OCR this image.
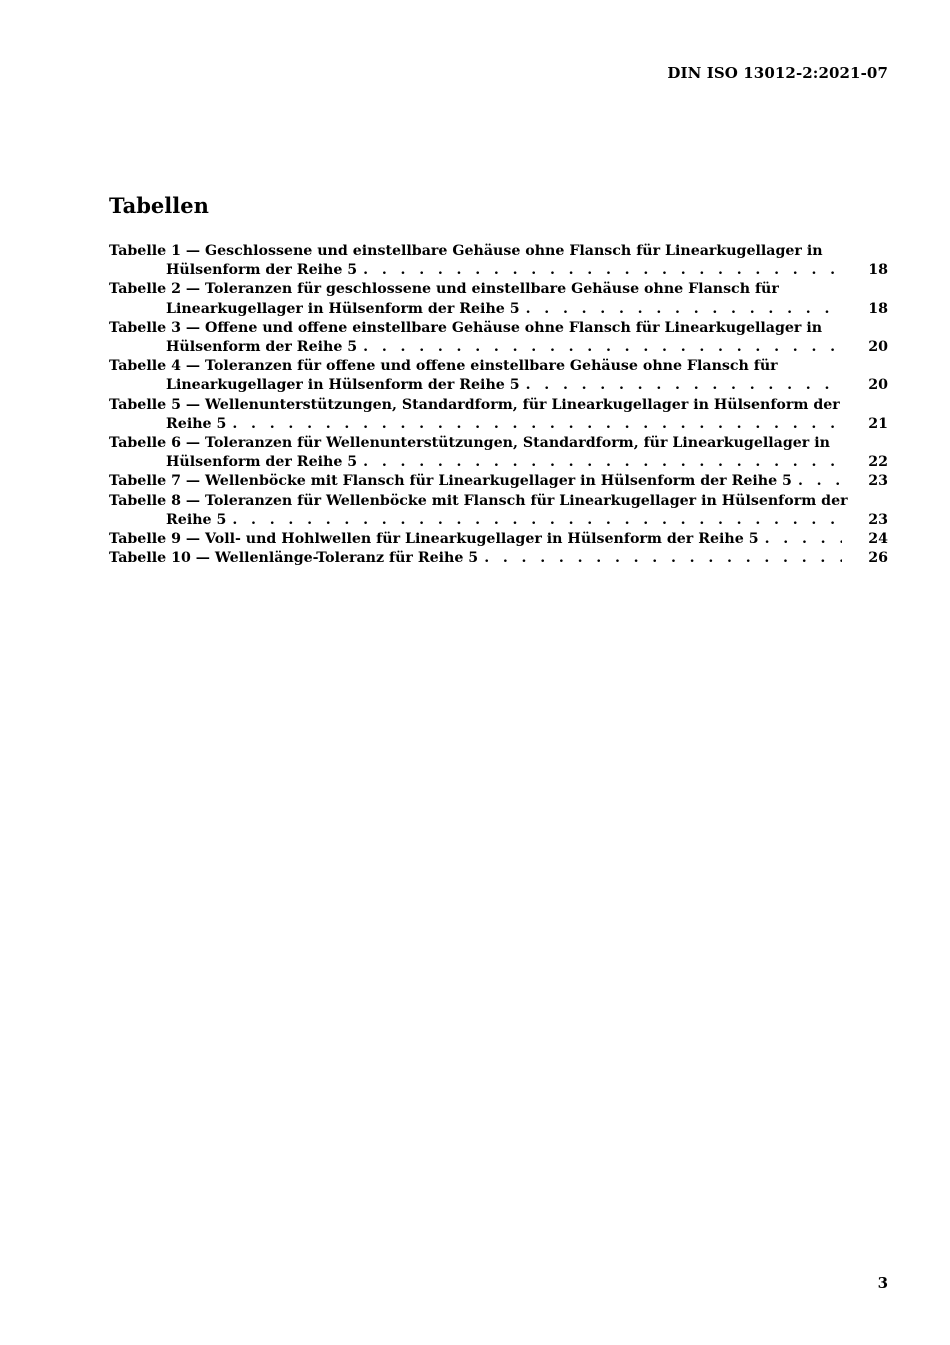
DIN ISO 13012-2:2021-07
Tabellen
Tabelle 1 — Geschlossene und einstellbare Gehäuse ohne Flansch für Linearkugellager in
Hülsenform der Reihe 5 . . .	18
Tabelle 2 — Toleranzen für geschlossene und einstellbare Gehäuse ohne Flansch für
Linearkugellager in Hülsenform der Reihe 5 . . .	18
Tabelle 3 — Offene und offene einstellbare Gehäuse ohne Flansch für Linearkugellager in
Hülsenform der Reihe 5 . . .	20
Tabelle 4 — Toleranzen für offene und offene einstellbare Gehäuse ohne Flansch für
Linearkugellager in Hülsenform der Reihe 5 . . .	20
Tabelle 5 — Wellenunterstützungen, Standardform, für Linearkugellager in Hülsenform der
Reihe 5 . . .	21
Tabelle 6 — Toleranzen für Wellenunterstützungen, Standardform, für Linearkugellager in
Hülsenform der Reihe 5 . . .	22
Tabelle 7 — Wellenböcke mit Flansch für Linearkugellager in Hülsenform der Reihe 5 . . .	23
Tabelle 8 — Toleranzen für Wellenböcke mit Flansch für Linearkugellager in Hülsenform der
Reihe 5 . . .	23
Tabelle 9 — Voll- und Hohlwellen für Linearkugellager in Hülsenform der Reihe 5 . . .	24
Tabelle 10 — Wellenlänge-Toleranz für Reihe 5 . . .	26
3
